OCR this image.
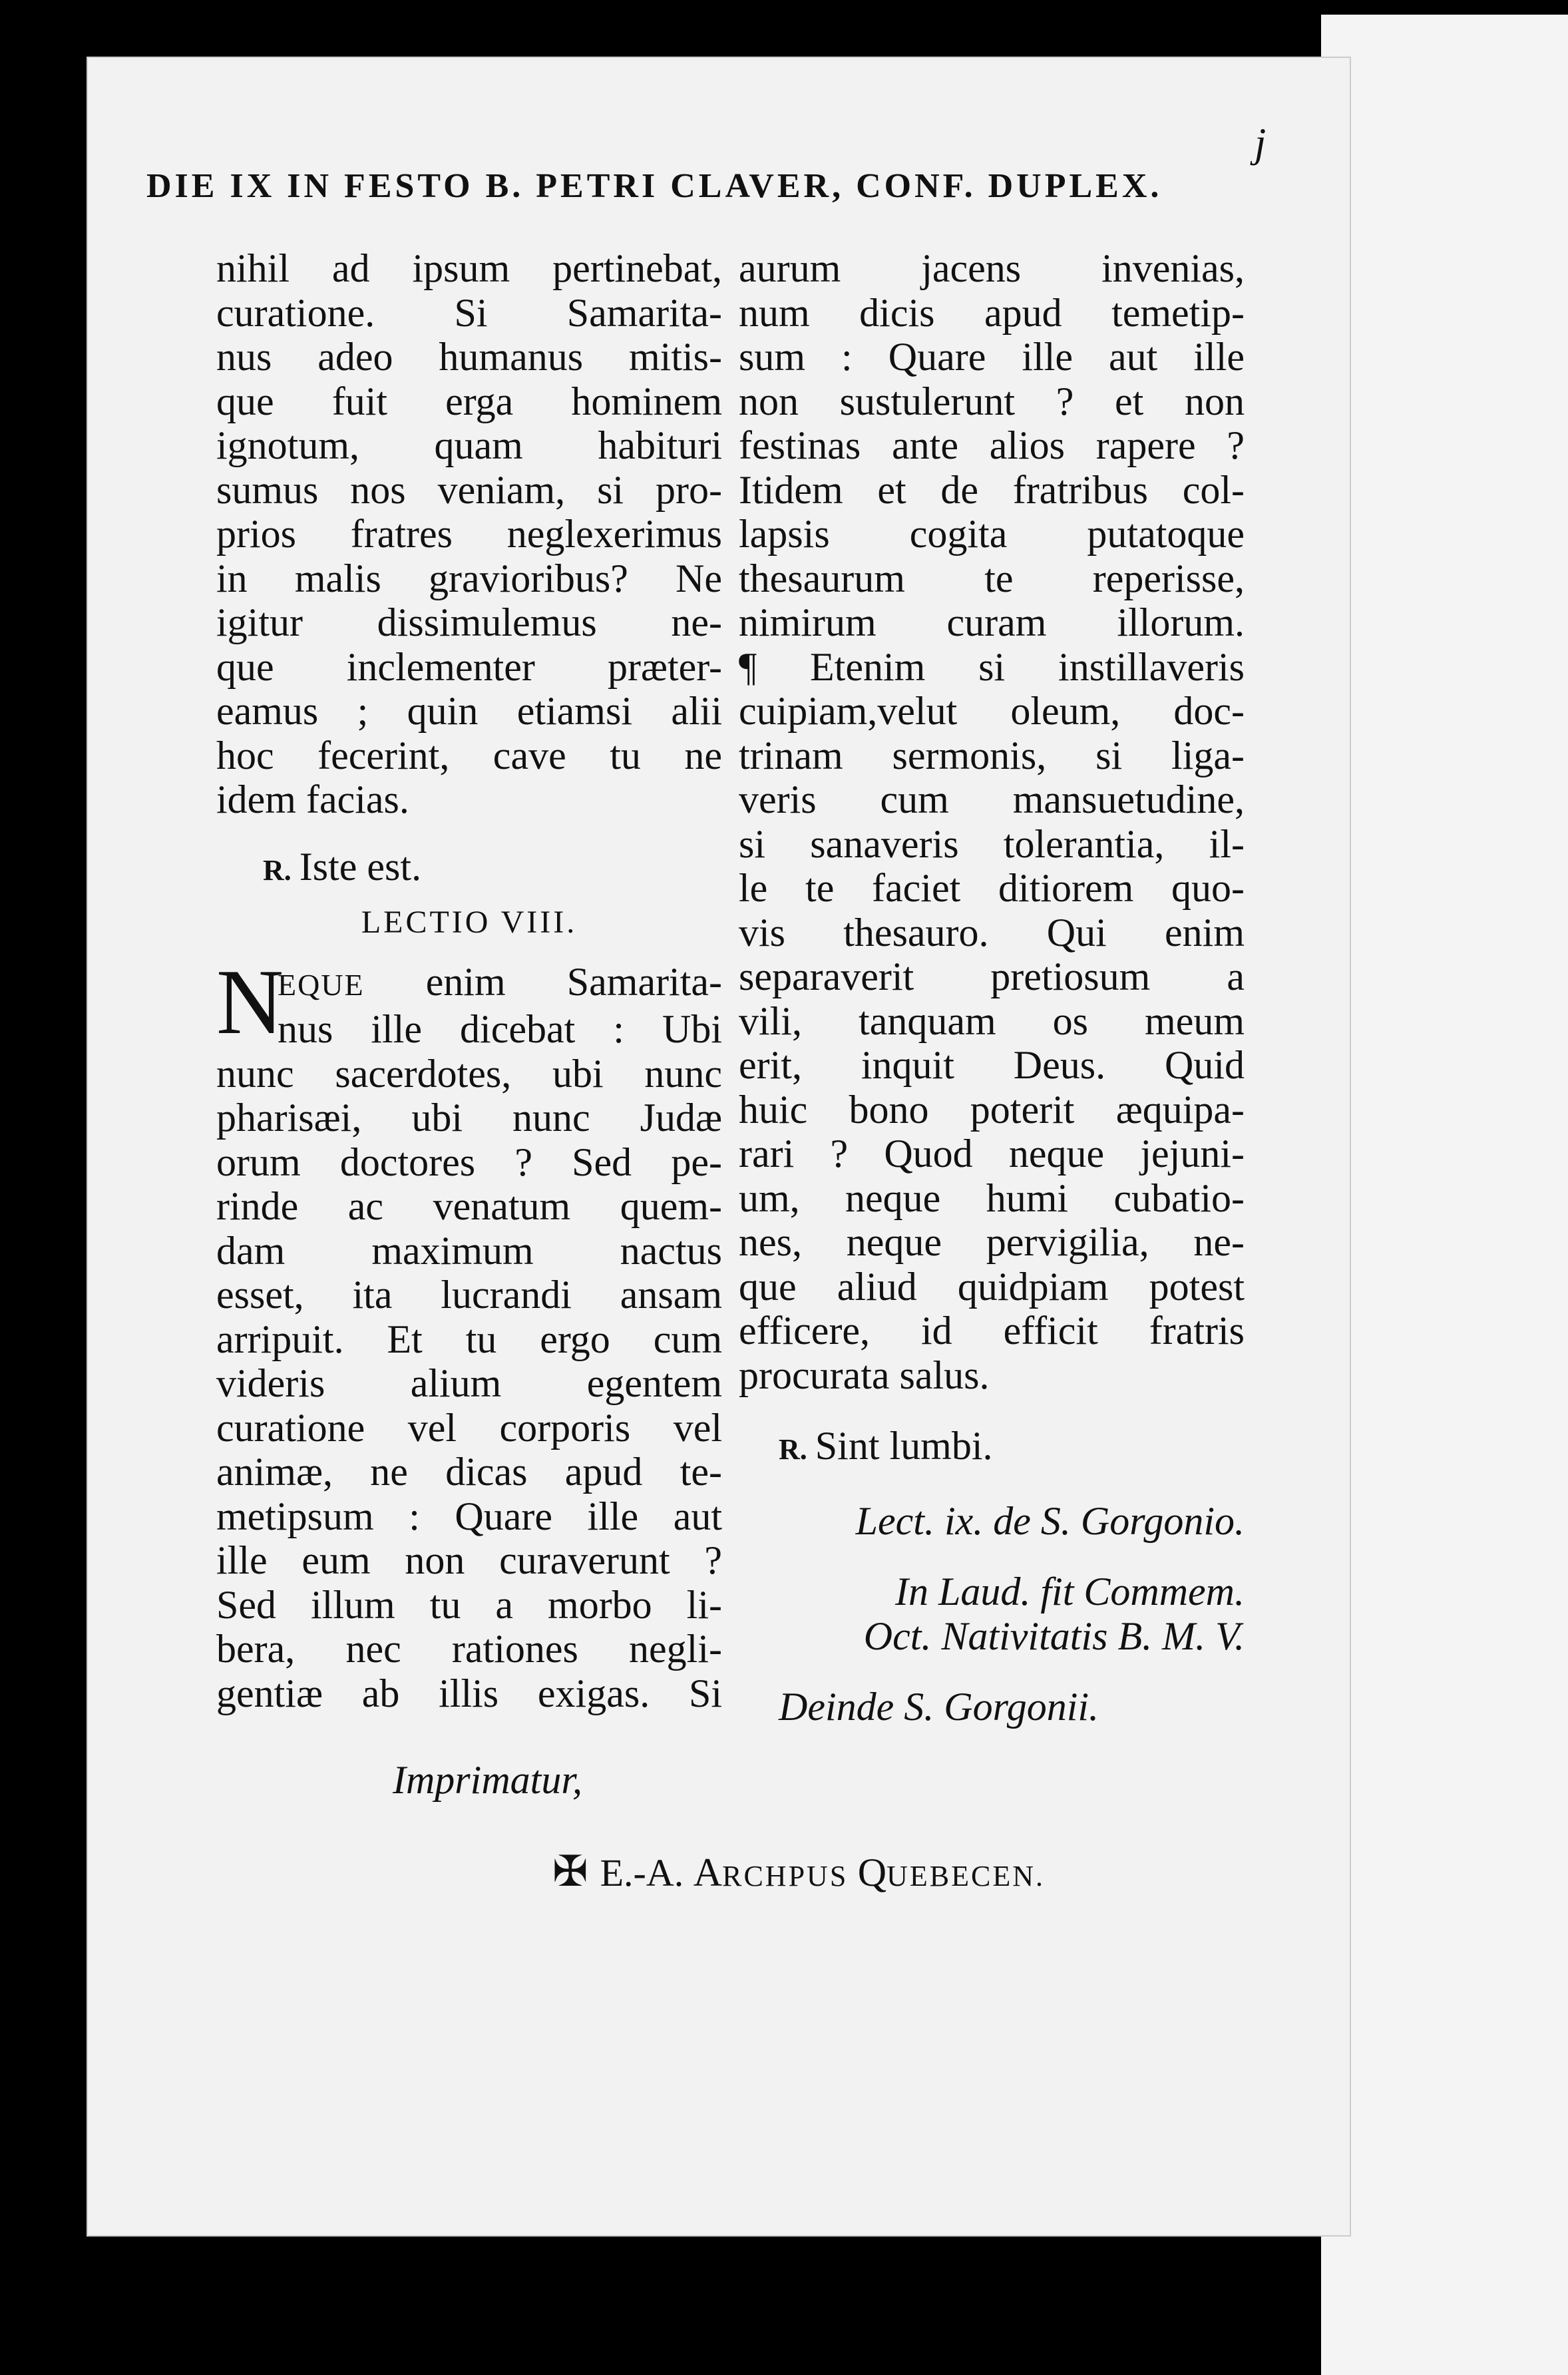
j
DIE IX IN FESTO B. PETRI CLAVER, CONF. DUPLEX.
nihil ad ipsum pertinebat,
curatione. Si Samarita-
nus adeo humanus mitis-
que fuit erga hominem
ignotum, quam habituri
sumus nos veniam, si pro-
prios fratres neglexerimus
in malis gravioribus? Ne
igitur dissimulemus ne-
que inclementer præter-
eamus ; quin etiamsi alii
hoc fecerint, cave tu ne
idem facias.
R. Iste est.
LECTIO VIII.
N
EQUE enim Samarita-
nus ille dicebat : Ubi
nunc sacerdotes, ubi nunc
pharisæi, ubi nunc Judæ
orum doctores ? Sed pe-
rinde ac venatum quem-
dam maximum nactus
esset, ita lucrandi ansam
arripuit. Et tu ergo cum
videris alium egentem
curatione vel corporis vel
animæ, ne dicas apud te-
metipsum : Quare ille aut
ille eum non curaverunt ?
Sed illum tu a morbo li-
bera, nec rationes negli-
gentiæ ab illis exigas. Si
aurum jacens invenias,
num dicis apud temetip-
sum : Quare ille aut ille
non sustulerunt ? et non
festinas ante alios rapere ?
Itidem et de fratribus col-
lapsis cogita putatoque
thesaurum te reperisse,
nimirum curam illorum.
¶ Etenim si instillaveris
cuipiam,velut oleum, doc-
trinam sermonis, si liga-
veris cum mansuetudine,
si sanaveris tolerantia, il-
le te faciet ditiorem quo-
vis thesauro. Qui enim
separaverit pretiosum a
vili, tanquam os meum
erit, inquit Deus. Quid
huic bono poterit æquipa-
rari ? Quod neque jejuni-
um, neque humi cubatio-
nes, neque pervigilia, ne-
que aliud quidpiam potest
efficere, id efficit fratris
procurata salus.
R. Sint lumbi.
Lect. ix. de S. Gorgonio.
In Laud. fit Commem.
Oct. Nativitatis B. M. V.
Deinde S. Gorgonii.
Imprimatur,
✠ E.-A. ARCHPUS QUEBECEN.
